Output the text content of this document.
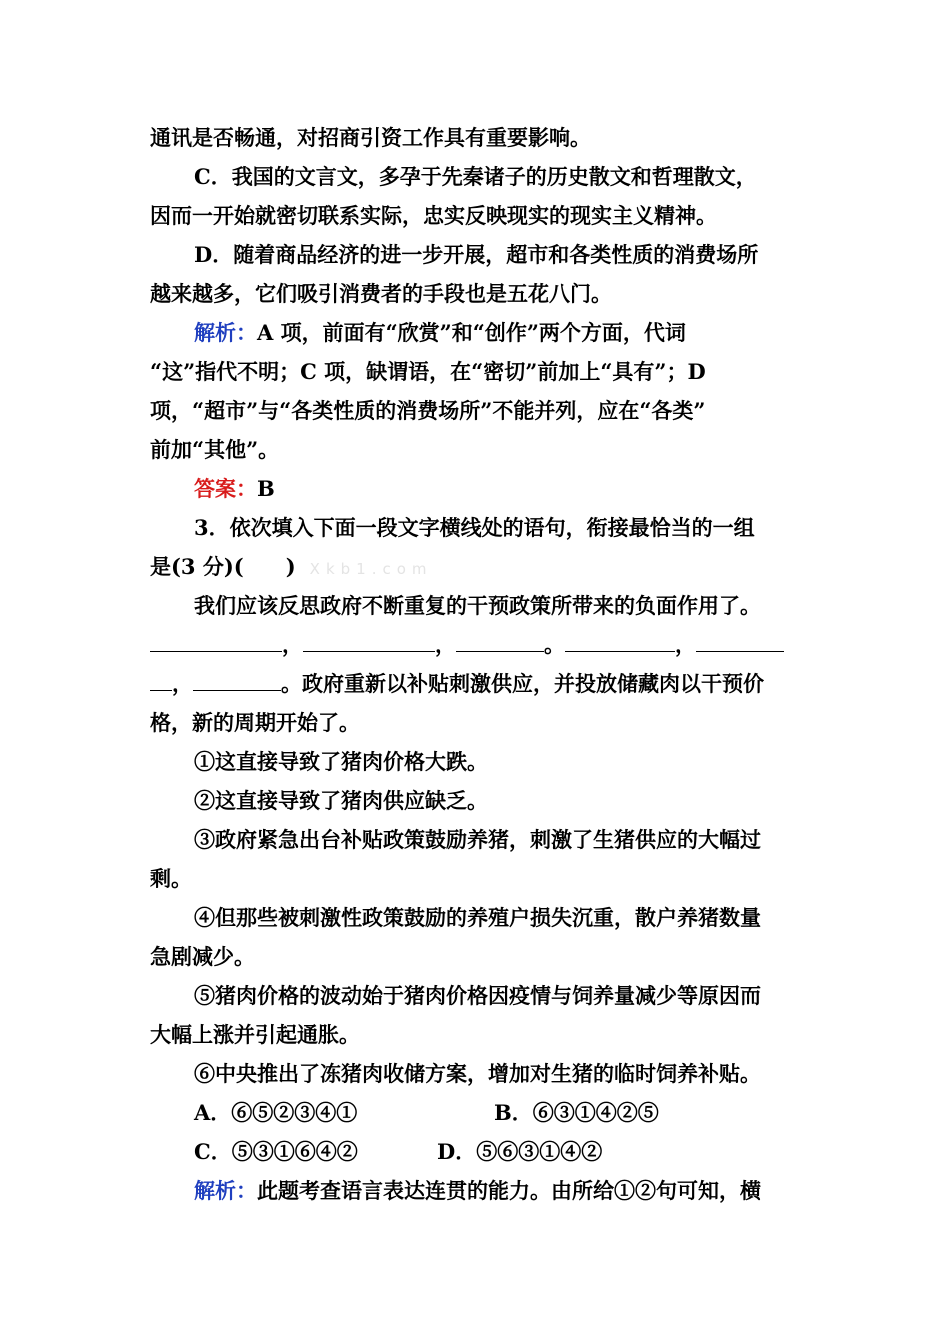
通讯是否畅通，对招商引资工作具有重要影响。
C．我国的文言文，多孕于先秦诸子的历史散文和哲理散文，
因而一开始就密切联系实际，忠实反映现实的现实主义精神。
D．随着商品经济的进一步开展，超市和各类性质的消费场所
越来越多，它们吸引消费者的手段也是五花八门。
解析：A 项，前面有“欣赏”和“创作”两个方面，代词
“这”指代不明；C 项，缺谓语，在“密切”前加上“具有”；D
项，“超市”与“各类性质的消费场所”不能并列，应在“各类”
前加“其他”。
答案：B
3．依次填入下面一段文字横线处的语句，衔接最恰当的一组
是(3 分)(　　) Xkb1.com
我们应该反思政府不断重复的干预政策所带来的负面作用了。
，	，	。	，
，	。政府重新以补贴刺激供应，并投放储藏肉以干预价
格，新的周期开始了。
①这直接导致了猪肉价格大跌。
②这直接导致了猪肉供应缺乏。
③政府紧急出台补贴政策鼓励养猪，刺激了生猪供应的大幅过
剩。
④但那些被刺激性政策鼓励的养殖户损失沉重，散户养猪数量
急剧减少。
⑤猪肉价格的波动始于猪肉价格因疫情与饲养量减少等原因而
大幅上涨并引起通胀。
⑥中央推出了冻猪肉收储方案，增加对生猪的临时饲养补贴。
A．⑥⑤②③④①	B．⑥③①④②⑤
C．⑤③①⑥④②	D．⑤⑥③①④②
解析：此题考查语言表达连贯的能力。由所给①②句可知，横
